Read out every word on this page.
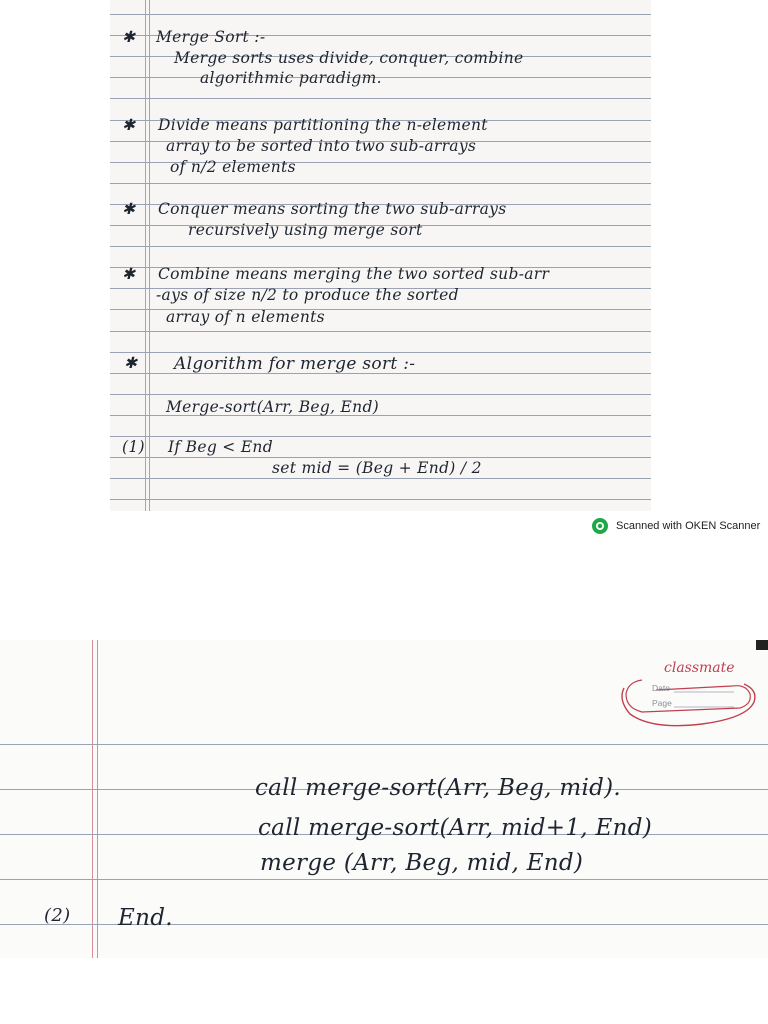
✱ Merge Sort :-
Merge sorts uses divide, conquer, combine
algorithmic paradigm.
✱ Divide means partitioning the n-element
array to be sorted into two sub-arrays
of n/2 elements
✱ Conquer means sorting the two sub-arrays
recursively using merge sort
✱ Combine means merging the two sorted sub-arr
-ays of size n/2 to produce the sorted
array of n elements
✱ Algorithm for merge sort :-
Merge-sort(Arr, Beg, End)
(1) If Beg < End
set mid = (Beg + End) / 2
Scanned with OKEN Scanner
call merge-sort(Arr, Beg, mid).
call merge-sort(Arr, mid+1, End)
merge (Arr, Beg, mid, End)
(2) End.
classmate
Date
Page
